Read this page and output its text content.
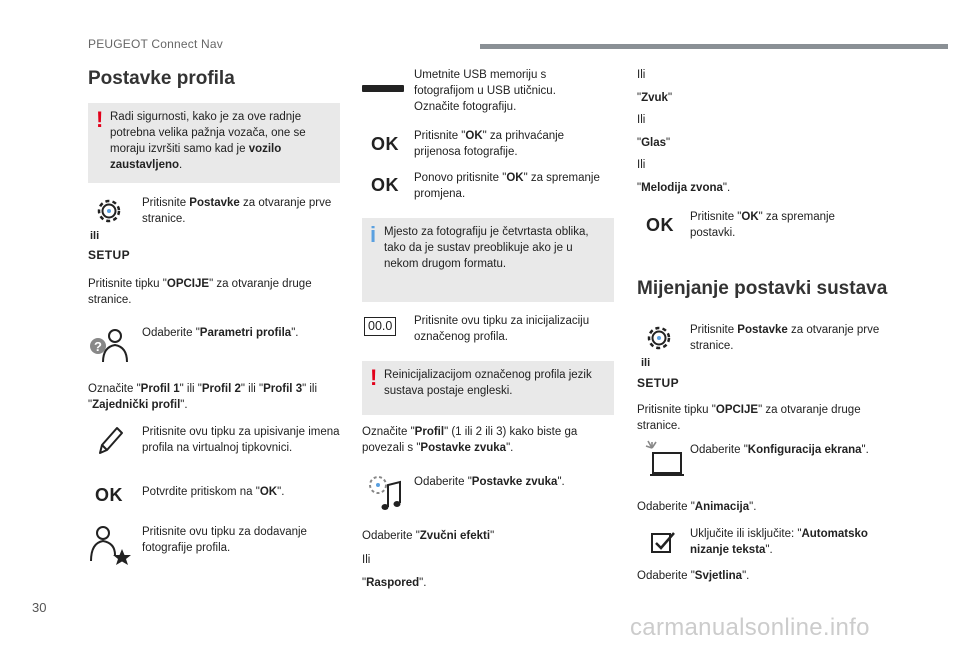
PEUGEOT Connect Nav
Postavke profila
! Radi sigurnosti, kako je za ove radnje potrebna velika pažnja vozača, one se moraju izvršiti samo kad je vozilo zaustavljeno.
ili
SETUP
Pritisnite Postavke za otvaranje prve stranice.
Pritisnite tipku "OPCIJE" za otvaranje druge stranice.
?
Odaberite "Parametri profila".
Označite "Profil 1" ili "Profil 2" ili "Profil 3" ili "Zajednički profil".
Pritisnite ovu tipku za upisivanje imena profila na virtualnoj tipkovnici.
OK Potvrdite pritiskom na "OK".
Pritisnite ovu tipku za dodavanje fotografije profila.
Umetnite USB memoriju s fotografijom u USB utičnicu. Označite fotografiju.
OK Pritisnite "OK" za prihvaćanje prijenosa fotografije.
OK Ponovo pritisnite "OK" za spremanje promjena.
i Mjesto za fotografiju je četvrtasta oblika, tako da je sustav preoblikuje ako je u nekom drugom formatu.
00.0	Pritisnite ovu tipku za inicijalizaciju označenog profila.
! Reinicijalizacijom označenog profila jezik sustava postaje engleski.
Označite "Profil" (1 ili 2 ili 3) kako biste ga povezali s "Postavke zvuka".
Odaberite "Postavke zvuka".
Odaberite "Zvučni efekti"
Ili
"Raspored".
Ili
"Zvuk"
Ili
"Glas"
Ili
"Melodija zvona".
OK Pritisnite "OK" za spremanje postavki.
Mijenjanje postavki sustava
ili
SETUP
Pritisnite Postavke za otvaranje prve stranice.
Pritisnite tipku "OPCIJE" za otvaranje druge stranice.
Odaberite "Konfiguracija ekrana".
Odaberite "Animacija".
Uključite ili isključite: "Automatsko nizanje teksta".
Odaberite "Svjetlina".
30
carmanualsonline.info
